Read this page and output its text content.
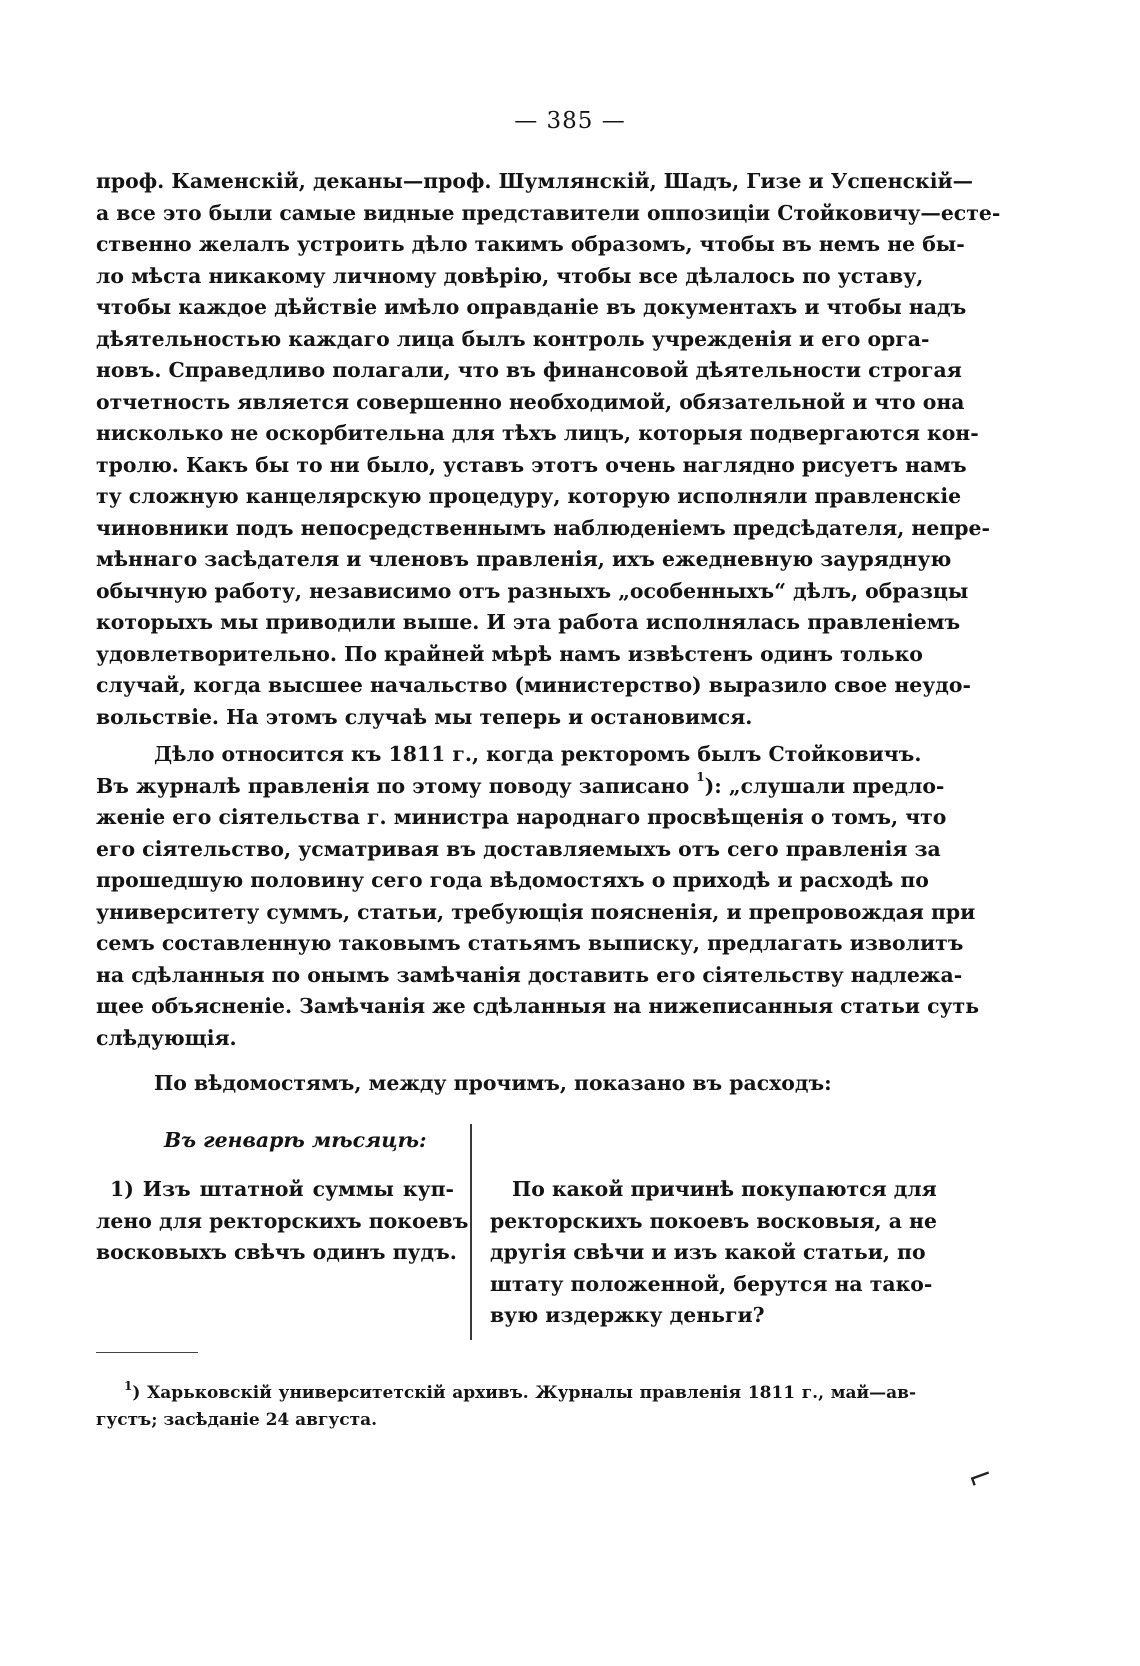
— 385 —
проф. Каменскій, деканы—проф. Шумлянскій, Шадъ, Гизе и Успенскій—
а все это были самые видные представители оппозиціи Стойковичу—есте-
ственно желалъ устроить дѣло такимъ образомъ, чтобы въ немъ не бы-
ло мѣста никакому личному довѣрію, чтобы все дѣлалось по уставу,
чтобы каждое дѣйствіе имѣло оправданіе въ документахъ и чтобы надъ
дѣятельностью каждаго лица былъ контроль учрежденія и его орга-
новъ. Справедливо полагали, что въ финансовой дѣятельности строгая
отчетность является совершенно необходимой, обязательной и что она
нисколько не оскорбительна для тѣхъ лицъ, которыя подвергаются кон-
тролю. Какъ бы то ни было, уставъ этотъ очень наглядно рисуетъ намъ
ту сложную канцелярскую процедуру, которую исполняли правленскіе
чиновники подъ непосредственнымъ наблюденіемъ предсѣдателя, непре-
мѣннаго засѣдателя и членовъ правленія, ихъ ежедневную заурядную
обычную работу, независимо отъ разныхъ „особенныхъ“ дѣлъ, образцы
которыхъ мы приводили выше. И эта работа исполнялась правленіемъ
удовлетворительно. По крайней мѣрѣ намъ извѣстенъ одинъ только
случай, когда высшее начальство (министерство) выразило свое неудо-
вольствіе. На этомъ случаѣ мы теперь и остановимся.
Дѣло относится къ 1811 г., когда ректоромъ былъ Стойковичъ.
Въ журналѣ правленія по этому поводу записано $^1$): „слушали предло-
женіе его сіятельства г. министра народнаго просвѣщенія о томъ, что
его сіятельство, усматривая въ доставляемыхъ отъ сего правленія за
прошедшую половину сего года вѣдомостяхъ о приходѣ и расходѣ по
университету суммъ, статьи, требующія поясненія, и препровождая при
семъ составленную таковымъ статьямъ выписку, предлагать изволитъ
на сдѣланныя по онымъ замѣчанія доставить его сіятельству надлежа-
щее объясненіе. Замѣчанія же сдѣланныя на нижеписанныя статьи суть
слѣдующія.
По вѣдомостямъ, между прочимъ, показано въ расходъ:
Въ генварѣ мѣсяцѣ:
1) Изъ штатной суммы куп-
лено для ректорскихъ покоевъ
восковыхъ свѣчъ одинъ пудъ.
По какой причинѣ покупаются для
ректорскихъ покоевъ восковыя, а не
другія свѣчи и изъ какой статьи, по
штату положенной, берутся на тако-
вую издержку деньги?
$^1$) Харьковскій университетскій архивъ. Журналы правленія 1811 г., май—ав-
густъ; засѣданіе 24 августа.
⌐
